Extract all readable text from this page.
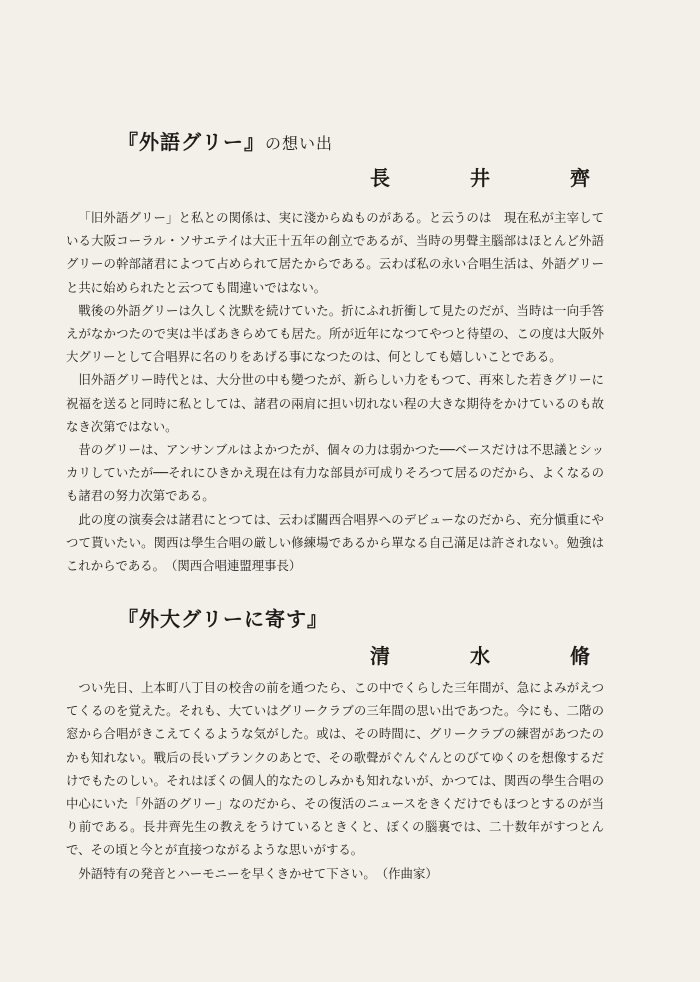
『外語グリー』の想い出
長	井	齊

「旧外語グリー」と私との関係は、実に淺からぬものがある。と云うのは　現在私が主宰している大阪コーラル・ソサエテイは大正十五年の創立であるが、当時の男聲主腦部はほとんど外語グリーの幹部諸君によつて占められて居たからである。云わば私の永い合唱生活は、外語グリーと共に始められたと云つても間違いではない。

戰後の外語グリーは久しく沈默を続けていた。折にふれ折衝して見たのだが、当時は一向手答えがなかつたので実は半ばあきらめても居た。所が近年になつてやつと待望の、この度は大阪外大グリーとして合唱界に名のりをあげる事になつたのは、何としても嬉しいことである。

旧外語グリー時代とは、大分世の中も變つたが、新らしい力をもつて、再來した若きグリーに祝福を送ると同時に私としては、諸君の兩肩に担い切れない程の大きな期待をかけているのも故なき次第ではない。

昔のグリーは、アンサンブルはよかつたが、個々の力は弱かつた──ベースだけは不思議とシッカリしていたが──それにひきかえ現在は有力な部員が可成りそろつて居るのだから、よくなるのも諸君の努力次第である。

此の度の演奏会は諸君にとつては、云わば關西合唱界へのデビューなのだから、充分愼重にやつて貰いたい。関西は學生合唱の厳しい修練場であるから單なる自己滿足は許されない。勉強はこれからである。　 （関西合唱連盟理事長）

『外大グリーに寄す』
清	水	脩

つい先日、上本町八丁目の校舎の前を通つたら、この中でくらした三年間が、急によみがえつてくるのを覚えた。それも、大ていはグリークラブの三年間の思い出であつた。今にも、二階の窓から合唱がきこえてくるような気がした。或は、その時間に、グリークラブの練習があつたのかも知れない。戰后の長いブランクのあとで、その歌聲がぐんぐんとのびてゆくのを想像するだけでもたのしい。それはぼくの個人的なたのしみかも知れないが、かつては、関西の學生合唱の中心にいた「外語のグリー」なのだから、その復活のニュースをきくだけでもほつとするのが当り前である。長井齊先生の教えをうけているときくと、ぼくの腦裏では、二十数年がすつとんで、その頃と今とが直接つながるような思いがする。

外語特有の発音とハーモニーを早くきかせて下さい。　 （作曲家）
